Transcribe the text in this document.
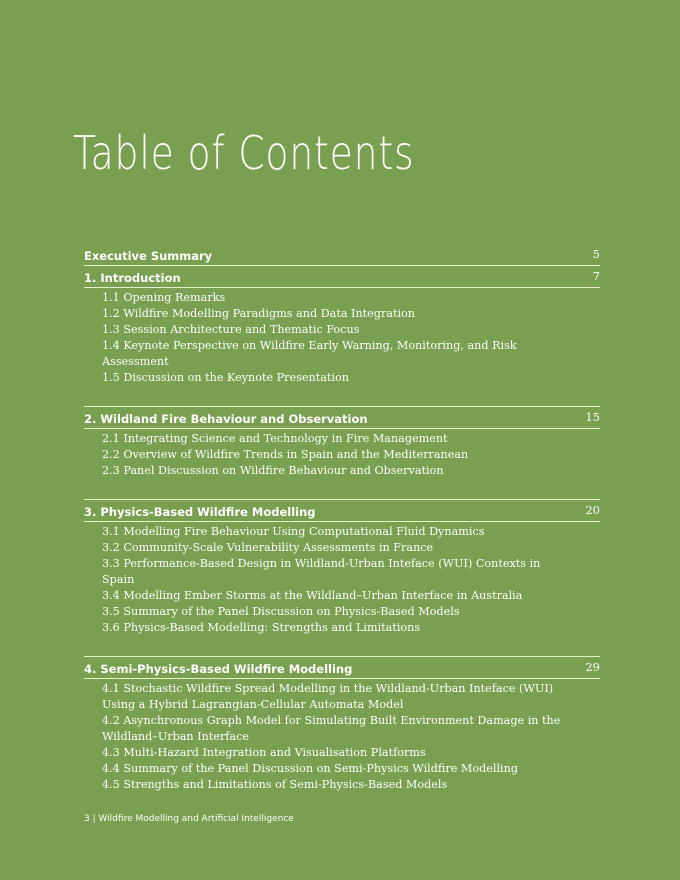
Table of Contents
Executive Summary	5
1. Introduction	7
1.1 Opening Remarks
1.2 Wildfire Modelling Paradigms and Data Integration
1.3 Session Architecture and Thematic Focus
1.4 Keynote Perspective on Wildfire Early Warning, Monitoring, and Risk Assessment
1.5 Discussion on the Keynote Presentation
2. Wildland Fire Behaviour and Observation	15
2.1 Integrating Science and Technology in Fire Management
2.2 Overview of Wildfire Trends in Spain and the Mediterranean
2.3 Panel Discussion on Wildfire Behaviour and Observation
3. Physics-Based Wildfire Modelling	20
3.1 Modelling Fire Behaviour Using Computational Fluid Dynamics
3.2 Community-Scale Vulnerability Assessments in France
3.3 Performance-Based Design in Wildland-Urban Inteface (WUI) Contexts in Spain
3.4 Modelling Ember Storms at the Wildland–Urban Interface in Australia
3.5 Summary of the Panel Discussion on Physics-Based Models
3.6 Physics-Based Modelling: Strengths and Limitations
4. Semi-Physics-Based Wildfire Modelling	29
4.1 Stochastic Wildfire Spread Modelling in the Wildland-Urban Inteface (WUI) Using a Hybrid Lagrangian-Cellular Automata Model
4.2 Asynchronous Graph Model for Simulating Built Environment Damage in the Wildland–Urban Interface
4.3 Multi-Hazard Integration and Visualisation Platforms
4.4 Summary of the Panel Discussion on Semi-Physics Wildfire Modelling
4.5 Strengths and Limitations of Semi-Physics-Based Models
3 | Wildfire Modelling and Artificial Intelligence
